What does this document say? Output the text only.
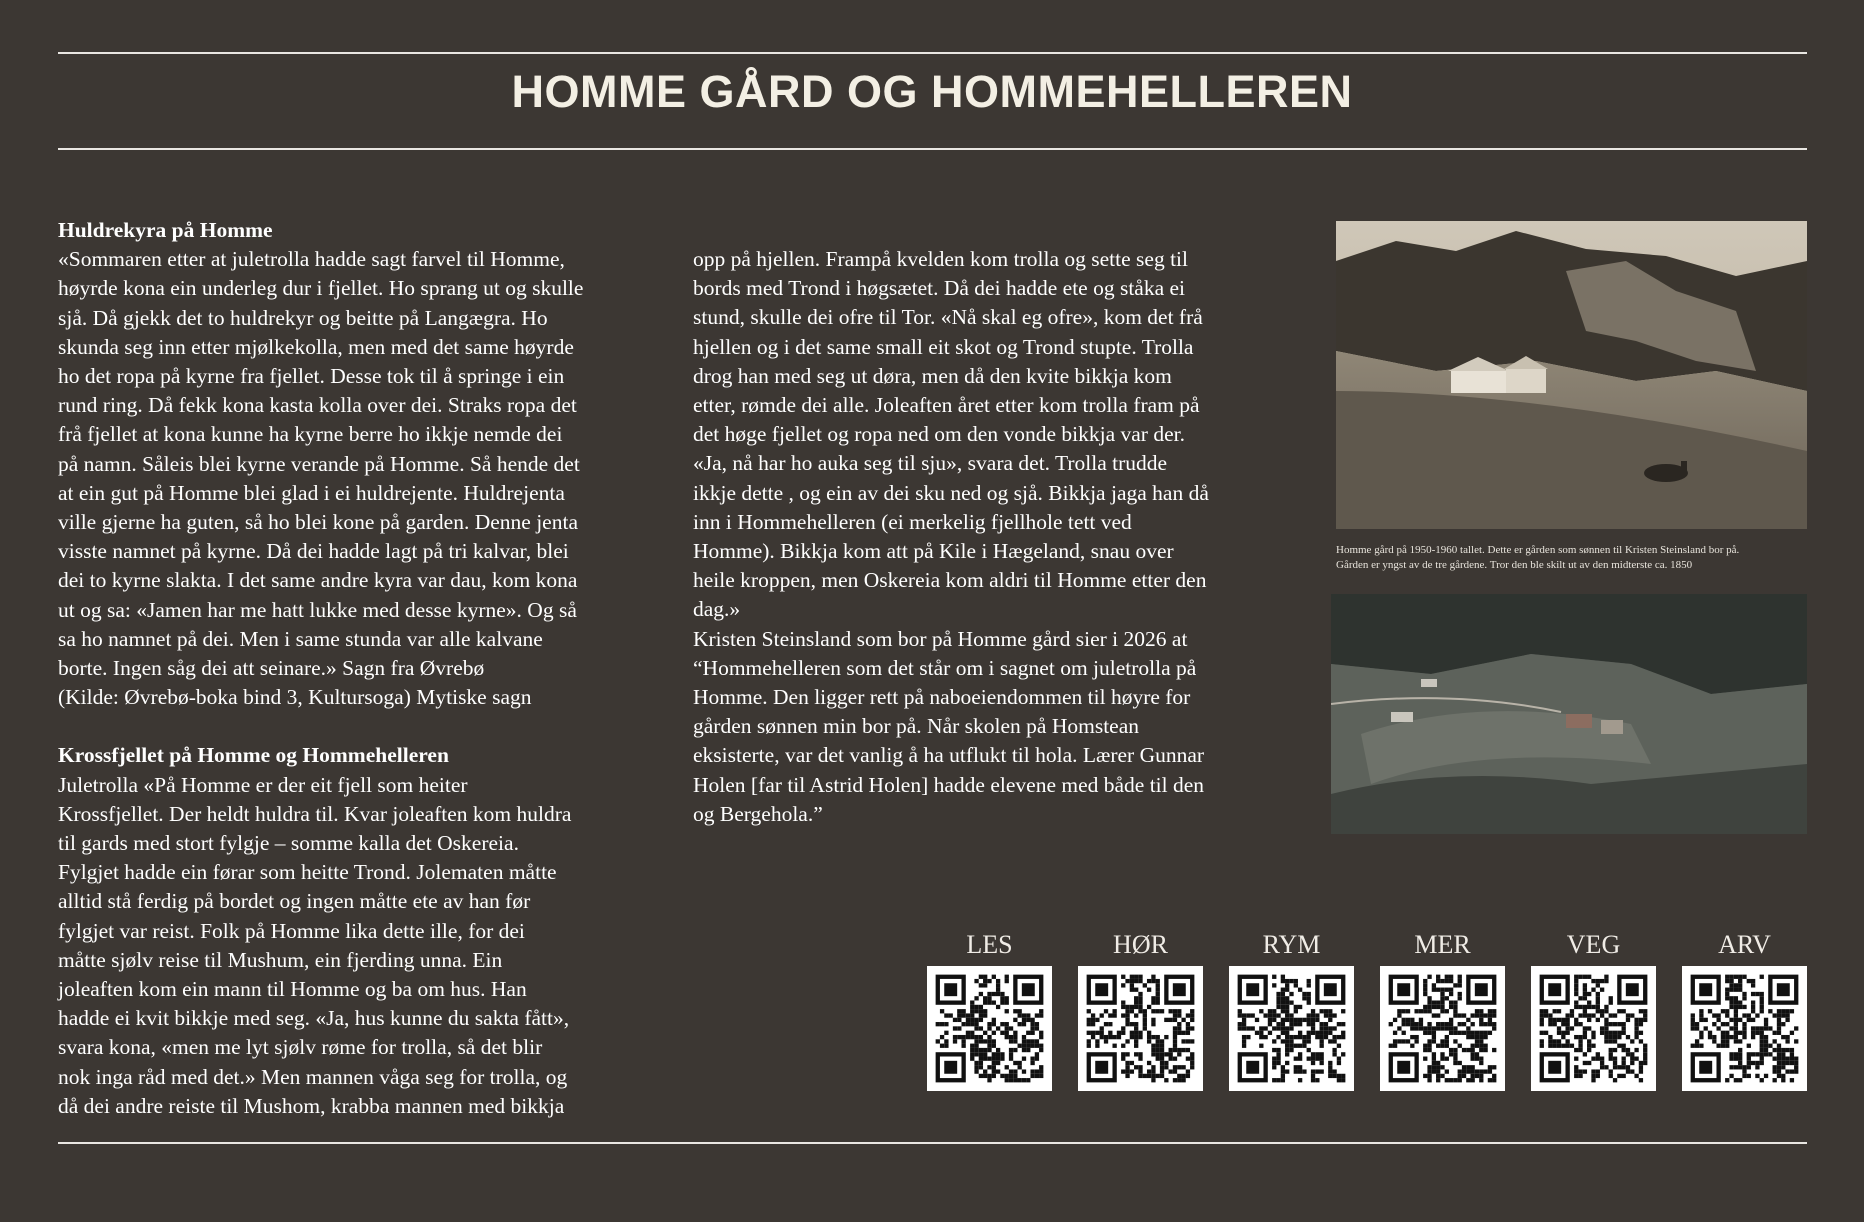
HOMME GÅRD OG HOMMEHELLEREN
Huldrekyra på Homme

«Sommaren etter at juletrolla hadde sagt farvel til Homme,
høyrde kona ein underleg dur i fjellet. Ho sprang ut og skulle
sjå. Då gjekk det to huldrekyr og beitte på Langægra. Ho
skunda seg inn etter mjølkekolla, men med det same høyrde
ho det ropa på kyrne fra fjellet. Desse tok til å springe i ein
rund ring. Då fekk kona kasta kolla over dei. Straks ropa det
frå fjellet at kona kunne ha kyrne berre ho ikkje nemde dei
på namn. Såleis blei kyrne verande på Homme. Så hende det
at ein gut på Homme blei glad i ei huldrejente. Huldrejenta
ville gjerne ha guten, så ho blei kone på garden. Denne jenta
visste namnet på kyrne. Då dei hadde lagt på tri kalvar, blei
dei to kyrne slakta. I det same andre kyra var dau, kom kona
ut og sa: «Jamen har me hatt lukke med desse kyrne». Og så
sa ho namnet på dei. Men i same stunda var alle kalvane
borte. Ingen såg dei att seinare.» Sagn fra Øvrebø
(Kilde: Øvrebø-boka bind 3, Kultursoga) Mytiske sagn

Krossfjellet på Homme og Hommehelleren

Juletrolla «På Homme er der eit fjell som heiter
Krossfjellet. Der heldt huldra til. Kvar joleaften kom huldra
til gards med stort fylgje – somme kalla det Oskereia.
Fylgjet hadde ein førar som heitte Trond. Jolematen måtte
alltid stå ferdig på bordet og ingen måtte ete av han før
fylgjet var reist. Folk på Homme lika dette ille, for dei
måtte sjølv reise til Mushum, ein fjerding unna. Ein
joleaften kom ein mann til Homme og ba om hus. Han
hadde ei kvit bikkje med seg. «Ja, hus kunne du sakta fått»,
svara kona, «men me lyt sjølv røme for trolla, så det blir
nok inga råd med det.» Men mannen våga seg for trolla, og
då dei andre reiste til Mushom, krabba mannen med bikkja

opp på hjellen. Frampå kvelden kom trolla og sette seg til
bords med Trond i høgsætet. Då dei hadde ete og ståka ei
stund, skulle dei ofre til Tor. «Nå skal eg ofre», kom det frå
hjellen og i det same small eit skot og Trond stupte. Trolla
drog han med seg ut døra, men då den kvite bikkja kom
etter, rømde dei alle. Joleaften året etter kom trolla fram på
det høge fjellet og ropa ned om den vonde bikkja var der.
«Ja, nå har ho auka seg til sju», svara det. Trolla trudde
ikkje dette , og ein av dei sku ned og sjå. Bikkja jaga han då
inn i Hommehelleren (ei merkelig fjellhole tett ved
Homme). Bikkja kom att på Kile i Hægeland, snau over
heile kroppen, men Oskereia kom aldri til Homme etter den
dag.»

Kristen Steinsland som bor på Homme gård sier i 2026 at
“Hommehelleren som det står om i sagnet om juletrolla på
Homme. Den ligger rett på naboeiendommen til høyre for
gården sønnen min bor på. Når skolen på Homstean
eksisterte, var det vanlig å ha utflukt til hola. Lærer Gunnar
Holen [far til Astrid Holen] hadde elevene med både til den
og Bergehola.”

Homme gård på 1950-1960 tallet. Dette er gården som sønnen til Kristen Steinsland bor på.
Gården er yngst av de tre gårdene. Tror den ble skilt ut av den midterste ca. 1850
LES	HØR	RYM	MER	VEG	ARV
